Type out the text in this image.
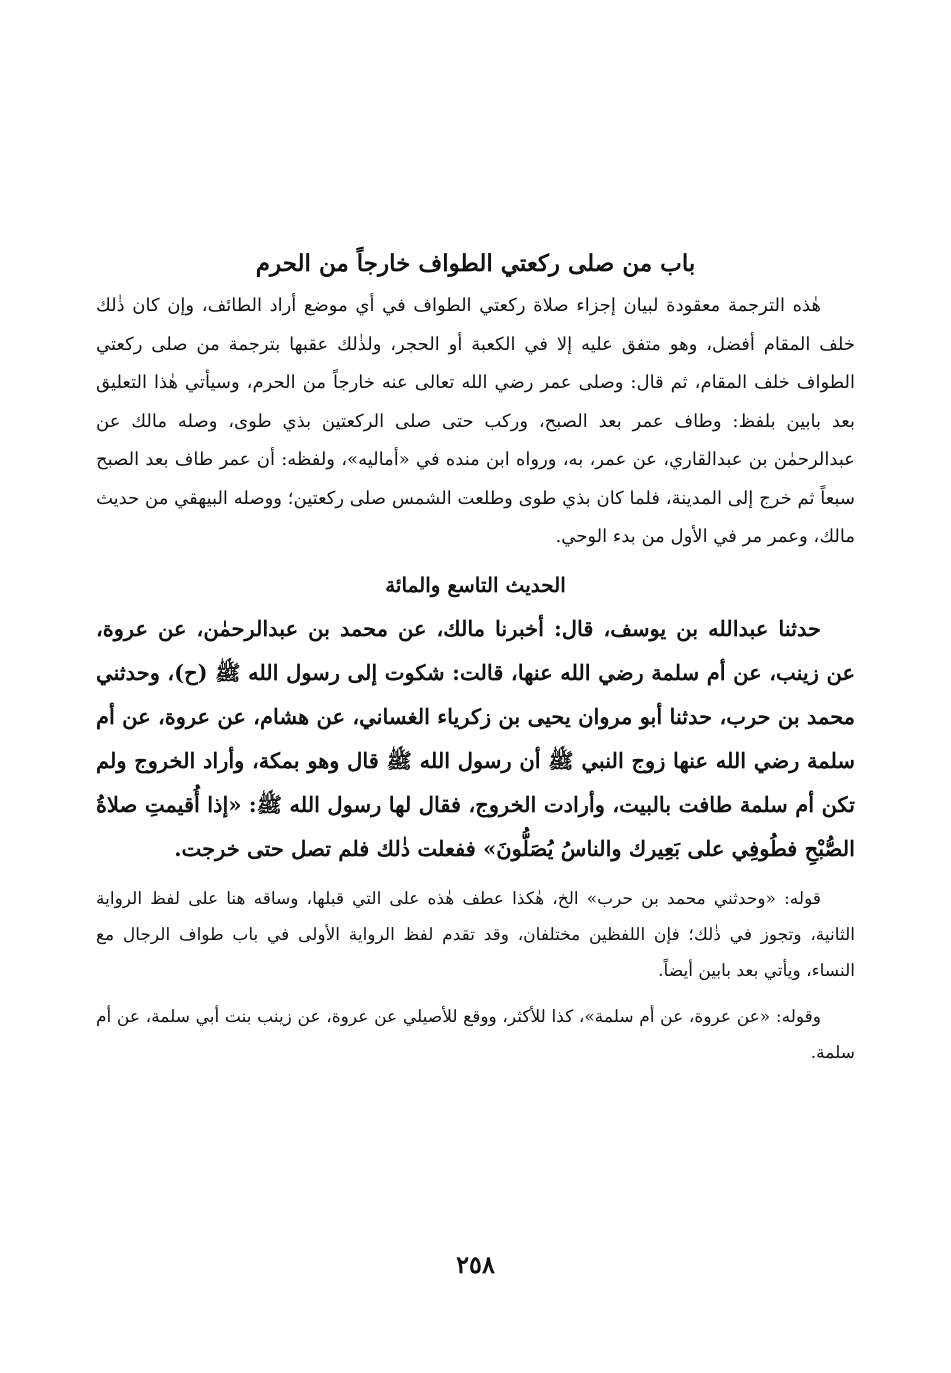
باب من صلى ركعتي الطواف خارجاً من الحرم

هٰذه الترجمة معقودة لبيان إجزاء صلاة ركعتي الطواف في أي موضع أراد الطائف، وإن كان ذٰلك خلف المقام أفضل، وهو متفق عليه إلا في الكعبة أو الحجر، ولذٰلك عقبها بترجمة من صلى ركعتي الطواف خلف المقام، ثم قال: وصلى عمر رضي الله تعالى عنه خارجاً من الحرم، وسيأتي هٰذا التعليق بعد بابين بلفظ: وطاف عمر بعد الصبح، وركب حتى صلى الركعتين بذي طوى، وصله مالك عن عبدالرحمٰن بن عبدالقاري، عن عمر، به، ورواه ابن منده في «أماليه»، ولفظه: أن عمر طاف بعد الصبح سبعاً ثم خرج إلى المدينة، فلما كان بذي طوى وطلعت الشمس صلى ركعتين؛ ووصله البيهقي من حديث مالك، وعمر مر في الأول من بدء الوحي.

الحديث التاسع والمائة

حدثنا عبدالله بن يوسف، قال: أخبرنا مالك، عن محمد بن عبدالرحمٰن، عن عروة، عن زينب، عن أم سلمة رضي الله عنها، قالت: شكوت إلى رسول الله ﷺ (ح)، وحدثني محمد بن حرب، حدثنا أبو مروان يحيى بن زكرياء الغساني، عن هشام، عن عروة، عن أم سلمة رضي الله عنها زوج النبي ﷺ أن رسول الله ﷺ قال وهو بمكة، وأراد الخروج ولم تكن أم سلمة طافت بالبيت، وأرادت الخروج، فقال لها رسول الله ﷺ: «إذا أُقيمتِ صلاةُ الصُّبْحِ فطُوفِي على بَعِيرك والناسُ يُصَلُّونَ» ففعلت ذٰلك فلم تصل حتى خرجت.

قوله: «وحدثني محمد بن حرب» الخ، هٰكذا عطف هٰذه على التي قبلها، وساقه هنا على لفظ الرواية الثانية، وتجوز في ذٰلك؛ فإن اللفظين مختلفان، وقد تقدم لفظ الرواية الأولى في باب طواف الرجال مع النساء، ويأتي بعد بابين أيضاً.

وقوله: «عن عروة، عن أم سلمة»، كذا للأكثر، ووقع للأصيلي عن عروة، عن زينب بنت أبي سلمة، عن أم سلمة.

٢٥٨
